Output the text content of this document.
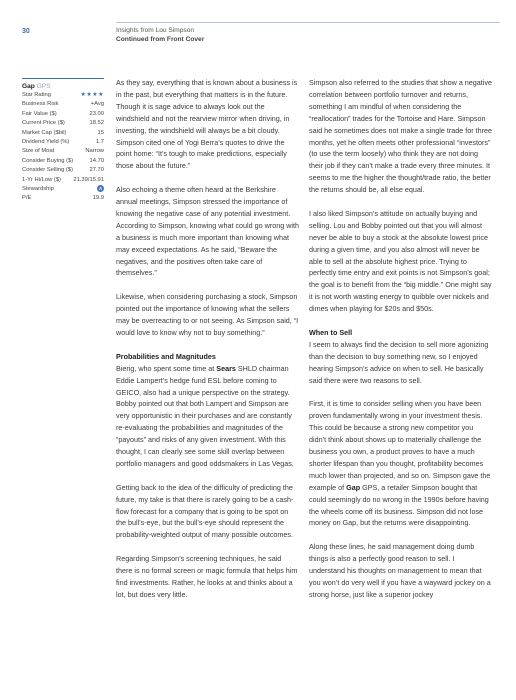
30	Insights from Lou Simpson
Continued from Front Cover
Gap GPS
Star Rating	★★★★
Business Risk	+Avg
Fair Value ($)	23.00
Current Price ($)	18.52
Market Cap ($bil)	15
Dividend Yield (%)	1.7
Size of Moat	Narrow
Consider Buying ($)	14.70
Consider Selling ($)	27.70
1-Yr Hi/Low ($) 21.39/15.91
Stewardship	A
P/E	19.9

As they say, everything that is known about a business is in the past, but everything that matters is in the future. Though it is sage advice to always look out the windshield and not the rearview mirror when driving, in investing, the windshield will always be a bit cloudy. Simpson cited one of Yogi Berra’s quotes to drive the point home: “It’s tough to make predictions, especially those about the future.”

Also echoing a theme often heard at the Berkshire annual meetings, Simpson stressed the importance of knowing the negative case of any potential investment. According to Simpson, knowing what could go wrong with a business is much more important than knowing what may exceed expectations. As he said, “Beware the negatives, and the positives often take care of themselves.”

Likewise, when considering purchasing a stock, Simpson pointed out the importance of knowing what the sellers may be overreacting to or not seeing. As Simpson said, “I would love to know why not to buy something.”

Probabilities and Magnitudes

Bierig, who spent some time at Sears SHLD chairman Eddie Lampert’s hedge fund ESL before coming to GEICO, also had a unique perspective on the strategy. Bobby pointed out that both Lampert and Simpson are very opportunistic in their purchases and are constantly re-evaluating the probabilities and magnitudes of the “payouts” and risks of any given investment. With this thought, I can clearly see some skill overlap between portfolio managers and good oddsmakers in Las Vegas.

Getting back to the idea of the difficulty of predicting the future, my take is that there is rarely going to be a cash-flow forecast for a company that is going to be spot on the bull’s-eye, but the bull’s-eye should represent the probability-weighted output of many possible outcomes.

Regarding Simpson’s screening techniques, he said there is no formal screen or magic formula that helps him find investments. Rather, he looks at and thinks about a lot, but does very little.

Simpson also referred to the studies that show a negative correlation between portfolio turnover and returns, something I am mindful of when considering the “reallocation” trades for the Tortoise and Hare. Simpson said he sometimes does not make a single trade for three months, yet he often meets other professional “investors” (to use the term loosely) who think they are not doing their job if they can’t make a trade every three minutes. It seems to me the higher the thought/trade ratio, the better the returns should be, all else equal.

I also liked Simpson’s attitude on actually buying and selling. Lou and Bobby pointed out that you will almost never be able to buy a stock at the absolute lowest price during a given time, and you also almost will never be able to sell at the absolute highest price. Trying to perfectly time entry and exit points is not Simpson’s goal; the goal is to benefit from the “big middle.” One might say it is not worth wasting energy to quibble over nickels and dimes when playing for $20s and $50s.

When to Sell

I seem to always find the decision to sell more agonizing than the decision to buy something new, so I enjoyed hearing Simpson’s advice on when to sell. He basically said there were two reasons to sell.

First, it is time to consider selling when you have been proven fundamentally wrong in your investment thesis. This could be because a strong new competitor you didn’t think about shows up to materially challenge the business you own, a product proves to have a much shorter lifespan than you thought, profitability becomes much lower than projected, and so on. Simpson gave the example of Gap GPS, a retailer Simpson bought that could seemingly do no wrong in the 1990s before having the wheels come off its business. Simpson did not lose money on Gap, but the returns were disappointing.

Along these lines, he said management doing dumb things is also a perfectly good reason to sell. I understand his thoughts on management to mean that you won’t do very well if you have a wayward jockey on a strong horse, just like a superior jockey
